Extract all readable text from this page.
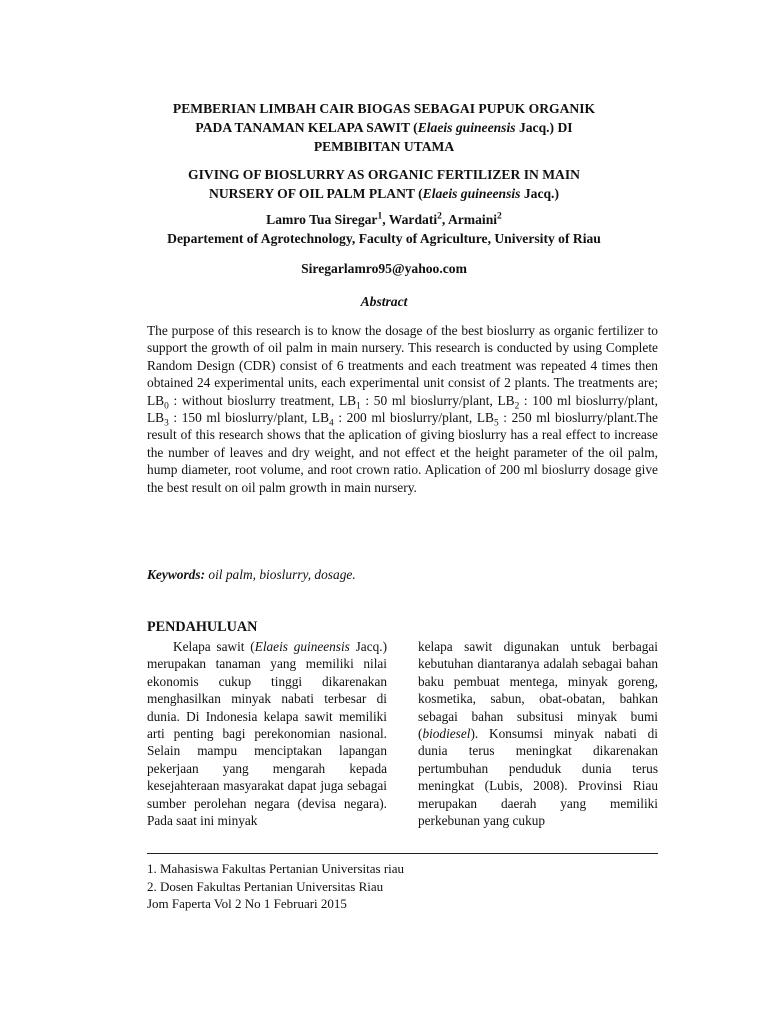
PEMBERIAN LIMBAH CAIR BIOGAS SEBAGAI PUPUK ORGANIK
PADA TANAMAN KELAPA SAWIT (Elaeis guineensis Jacq.) DI
PEMBIBITAN UTAMA
GIVING OF BIOSLURRY AS ORGANIC FERTILIZER IN MAIN
NURSERY OF OIL PALM PLANT (Elaeis guineensis Jacq.)
Lamro Tua Siregar$^1$, Wardati$^2$, Armaini$^2$
Departement of Agrotechnology, Faculty of Agriculture, University of Riau
Siregarlamro95@yahoo.com
Abstract
The purpose of this research is to know the dosage of the best bioslurry as organic fertilizer to support the growth of oil palm in main nursery. This research is conducted by using Complete Random Design (CDR) consist of 6 treatments and each treatment was repeated 4 times then obtained 24 experimental units, each experimental unit consist of 2 plants. The treatments are; $LB_0$ : without bioslurry treatment, $LB_1$ : 50 ml bioslurry/plant, $LB_2$ : 100 ml bioslurry/plant, $LB_3$ : 150 ml bioslurry/plant, $LB_4$ : 200 ml bioslurry/plant, $LB_5$ : 250 ml bioslurry/plant.The result of this research shows that the aplication of giving bioslurry has a real effect to increase the number of leaves and dry weight, and not effect et the height parameter of the oil palm, hump diameter, root volume, and root crown ratio. Aplication of 200 ml bioslurry dosage give the best result on oil palm growth in main nursery.
Keywords: oil palm, bioslurry, dosage.
PENDAHULUAN

Kelapa sawit (Elaeis guineensis Jacq.) merupakan tanaman yang memiliki nilai ekonomis cukup tinggi dikarenakan menghasilkan minyak nabati terbesar di dunia. Di Indonesia kelapa sawit memiliki arti penting bagi perekonomian nasional. Selain mampu menciptakan lapangan pekerjaan yang mengarah kepada kesejahteraan masyarakat dapat juga sebagai sumber perolehan negara (devisa negara). Pada saat ini minyak

kelapa sawit digunakan untuk berbagai kebutuhan diantaranya adalah sebagai bahan baku pembuat mentega, minyak goreng, kosmetika, sabun, obat-obatan, bahkan sebagai bahan subsitusi minyak bumi (biodiesel). Konsumsi minyak nabati di dunia terus meningkat dikarenakan pertumbuhan penduduk dunia terus meningkat (Lubis, 2008). Provinsi Riau merupakan daerah yang memiliki perkebunan yang cukup

1. Mahasiswa Fakultas Pertanian Universitas riau
2. Dosen Fakultas Pertanian Universitas Riau
Jom Faperta Vol 2 No 1 Februari 2015
